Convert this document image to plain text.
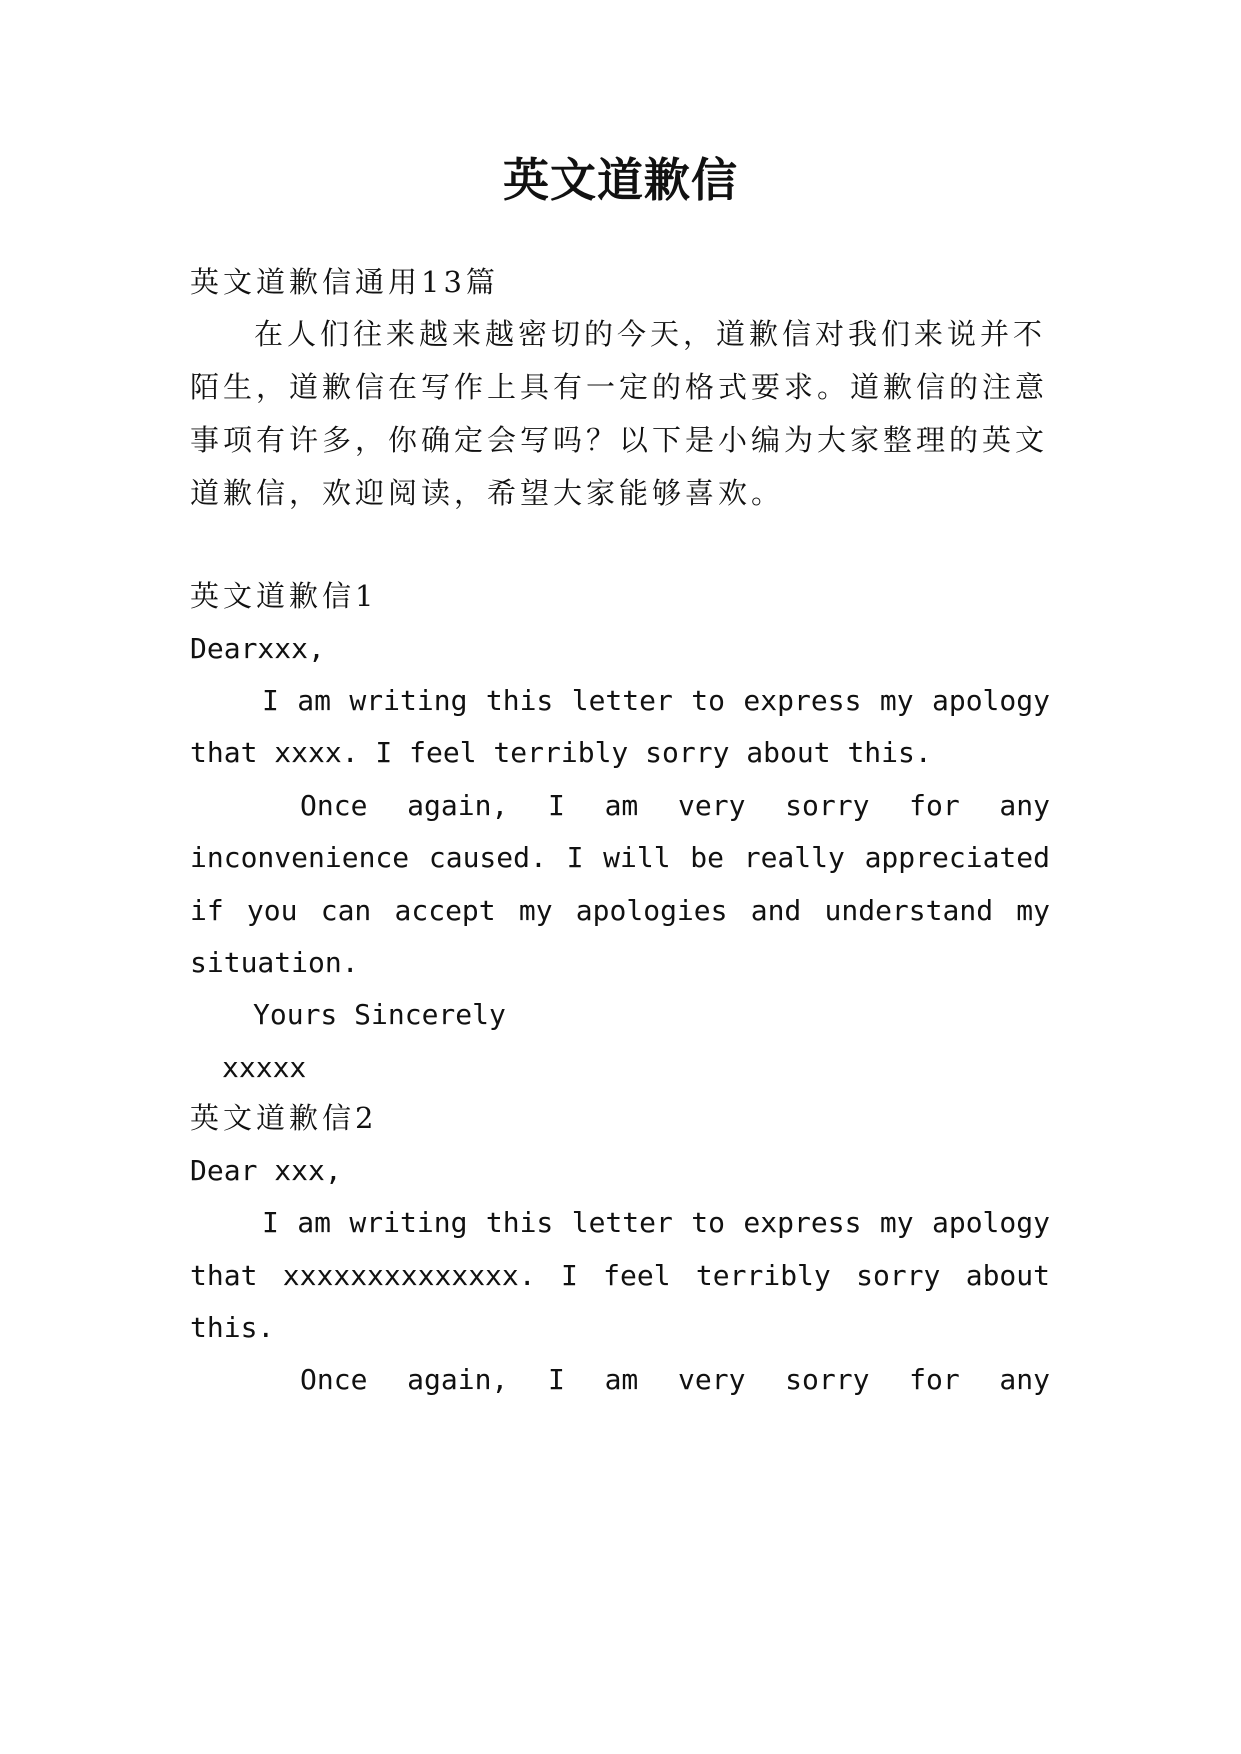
英文道歉信
英文道歉信通用13篇
在人们往来越来越密切的今天，道歉信对我们来说并不
陌生，道歉信在写作上具有一定的格式要求。道歉信的注意
事项有许多，你确定会写吗？以下是小编为大家整理的英文
道歉信，欢迎阅读，希望大家能够喜欢。
英文道歉信1
Dearxxx,
I am writing this letter to express my apology
that xxxx. I feel terribly sorry about this.
Once again, I am very sorry for any
inconvenience caused. I will be really appreciated
if you can accept my apologies and understand my
situation.
Yours Sincerely
xxxxx
英文道歉信2
Dear xxx,
I am writing this letter to express my apology
that xxxxxxxxxxxxxx. I feel terribly sorry about
this.
Once again, I am very sorry for any
